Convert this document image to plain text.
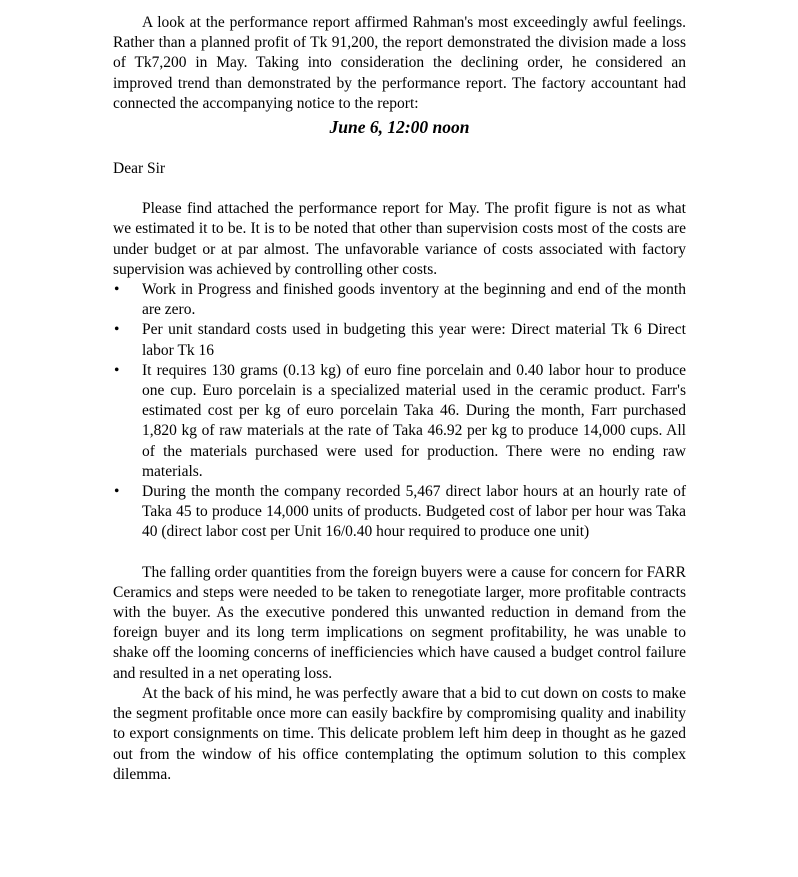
A look at the performance report affirmed Rahman's most exceedingly awful feelings. Rather than a planned profit of Tk 91,200, the report demonstrated the division made a loss of Tk7,200 in May. Taking into consideration the declining order, he considered an improved trend than demonstrated by the performance report. The factory accountant had connected the accompanying notice to the report:

June 6, 12:00 noon

Dear Sir

Please find attached the performance report for May. The profit figure is not as what we estimated it to be. It is to be noted that other than supervision costs most of the costs are under budget or at par almost. The unfavorable variance of costs associated with factory supervision was achieved by controlling other costs.

• Work in Progress and finished goods inventory at the beginning and end of the month are zero.
• Per unit standard costs used in budgeting this year were: Direct material Tk 6 Direct labor Tk 16
• It requires 130 grams (0.13 kg) of euro fine porcelain and 0.40 labor hour to produce one cup. Euro porcelain is a specialized material used in the ceramic product. Farr's estimated cost per kg of euro porcelain Taka 46. During the month, Farr purchased 1,820 kg of raw materials at the rate of Taka 46.92 per kg to produce 14,000 cups. All of the materials purchased were used for production. There were no ending raw materials.
• During the month the company recorded 5,467 direct labor hours at an hourly rate of Taka 45 to produce 14,000 units of products. Budgeted cost of labor per hour was Taka 40 (direct labor cost per Unit 16/0.40 hour required to produce one unit)

The falling order quantities from the foreign buyers were a cause for concern for FARR Ceramics and steps were needed to be taken to renegotiate larger, more profitable contracts with the buyer. As the executive pondered this unwanted reduction in demand from the foreign buyer and its long term implications on segment profitability, he was unable to shake off the looming concerns of inefficiencies which have caused a budget control failure and resulted in a net operating loss.

At the back of his mind, he was perfectly aware that a bid to cut down on costs to make the segment profitable once more can easily backfire by compromising quality and inability to export consignments on time. This delicate problem left him deep in thought as he gazed out from the window of his office contemplating the optimum solution to this complex dilemma.
